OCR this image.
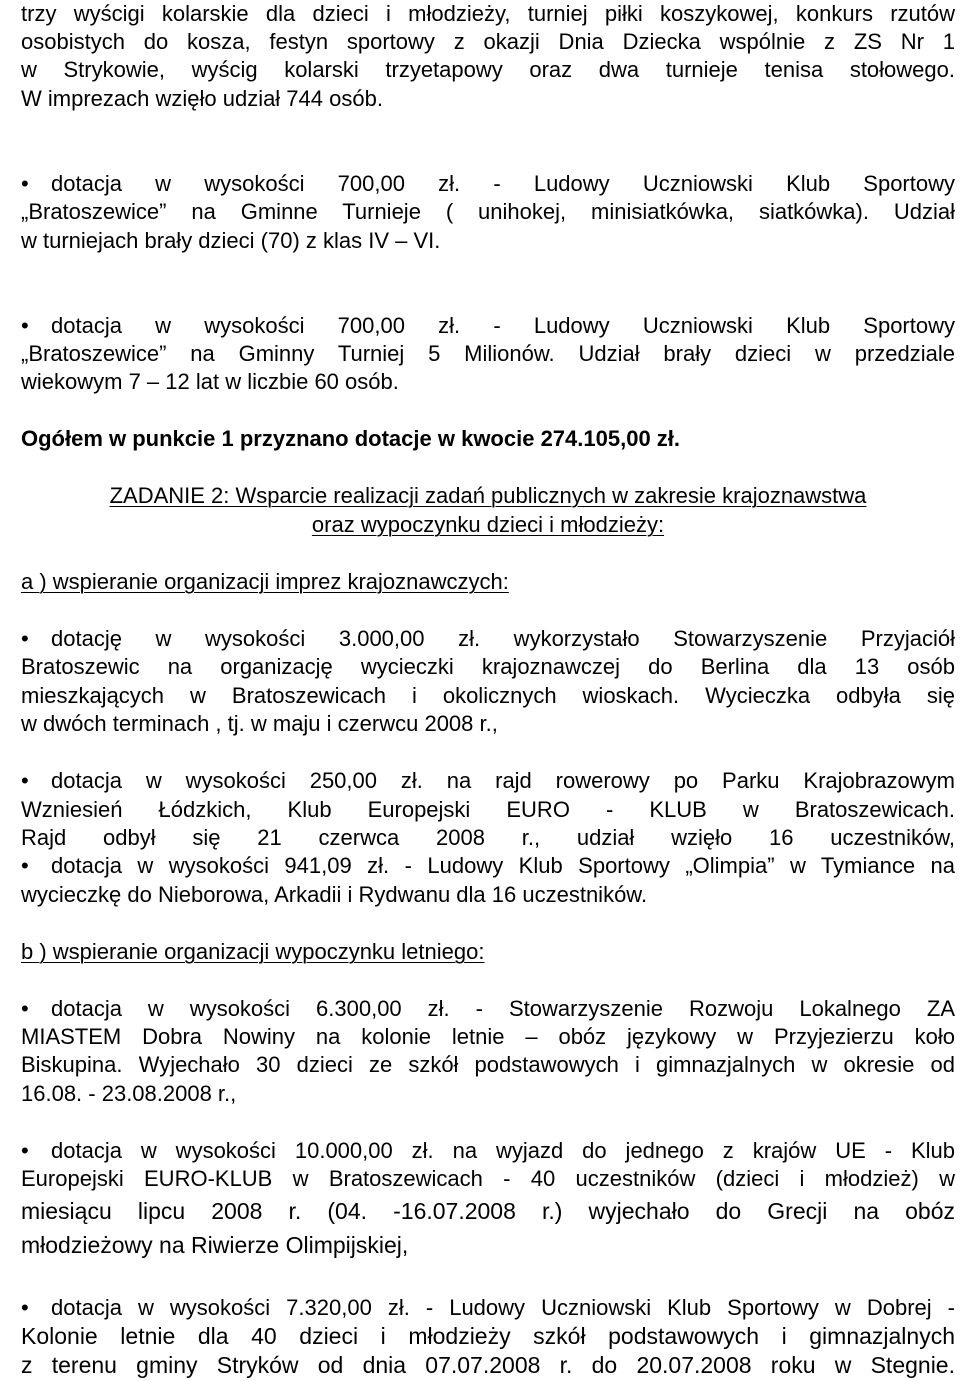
trzy wyścigi kolarskie dla dzieci i młodzieży, turniej piłki koszykowej, konkurs rzutów
osobistych do kosza, festyn sportowy z okazji Dnia Dziecka wspólnie z ZS Nr 1
w Strykowie, wyścig kolarski trzyetapowy oraz dwa turnieje tenisa stołowego.
W imprezach wzięło udział 744 osób.
• dotacja w wysokości 700,00 zł. - Ludowy Uczniowski Klub Sportowy
„Bratoszewice” na Gminne Turnieje ( unihokej, minisiatkówka, siatkówka). Udział
w turniejach brały dzieci (70) z klas IV – VI.
• dotacja w wysokości 700,00 zł. - Ludowy Uczniowski Klub Sportowy
„Bratoszewice” na Gminny Turniej 5 Milionów. Udział brały dzieci w przedziale
wiekowym 7 – 12 lat w liczbie 60 osób.
Ogółem w punkcie 1 przyznano dotacje w kwocie 274.105,00 zł.
ZADANIE 2: Wsparcie realizacji zadań publicznych w zakresie krajoznawstwa
oraz wypoczynku dzieci i młodzieży:
a ) wspieranie organizacji imprez krajoznawczych:
• dotację w wysokości 3.000,00 zł. wykorzystało Stowarzyszenie Przyjaciół
Bratoszewic na organizację wycieczki krajoznawczej do Berlina dla 13 osób
mieszkających w Bratoszewicach i okolicznych wioskach. Wycieczka odbyła się
w dwóch terminach , tj. w maju i czerwcu 2008 r.,
• dotacja w wysokości 250,00 zł. na rajd rowerowy po Parku Krajobrazowym
Wzniesień Łódzkich, Klub Europejski EURO - KLUB w Bratoszewicach.
Rajd odbył się 21 czerwca 2008 r., udział wzięło 16 uczestników,
• dotacja w wysokości 941,09 zł. - Ludowy Klub Sportowy „Olimpia” w Tymiance na
wycieczkę do Nieborowa, Arkadii i Rydwanu dla 16 uczestników.
b ) wspieranie organizacji wypoczynku letniego:
• dotacja w wysokości 6.300,00 zł. - Stowarzyszenie Rozwoju Lokalnego ZA
MIASTEM Dobra Nowiny na kolonie letnie – obóz językowy w Przyjezierzu koło
Biskupina. Wyjechało 30 dzieci ze szkół podstawowych i gimnazjalnych w okresie od
16.08. - 23.08.2008 r.,
• dotacja w wysokości 10.000,00 zł. na wyjazd do jednego z krajów UE - Klub
Europejski EURO-KLUB w Bratoszewicach - 40 uczestników (dzieci i młodzież) w
miesiącu lipcu 2008 r. (04. -16.07.2008 r.) wyjechało do Grecji na obóz
młodzieżowy na Riwierze Olimpijskiej,
• dotacja w wysokości 7.320,00 zł. - Ludowy Uczniowski Klub Sportowy w Dobrej -
Kolonie letnie dla 40 dzieci i młodzieży szkół podstawowych i gimnazjalnych
z terenu gminy Stryków od dnia 07.07.2008 r. do 20.07.2008 roku w Stegnie.
